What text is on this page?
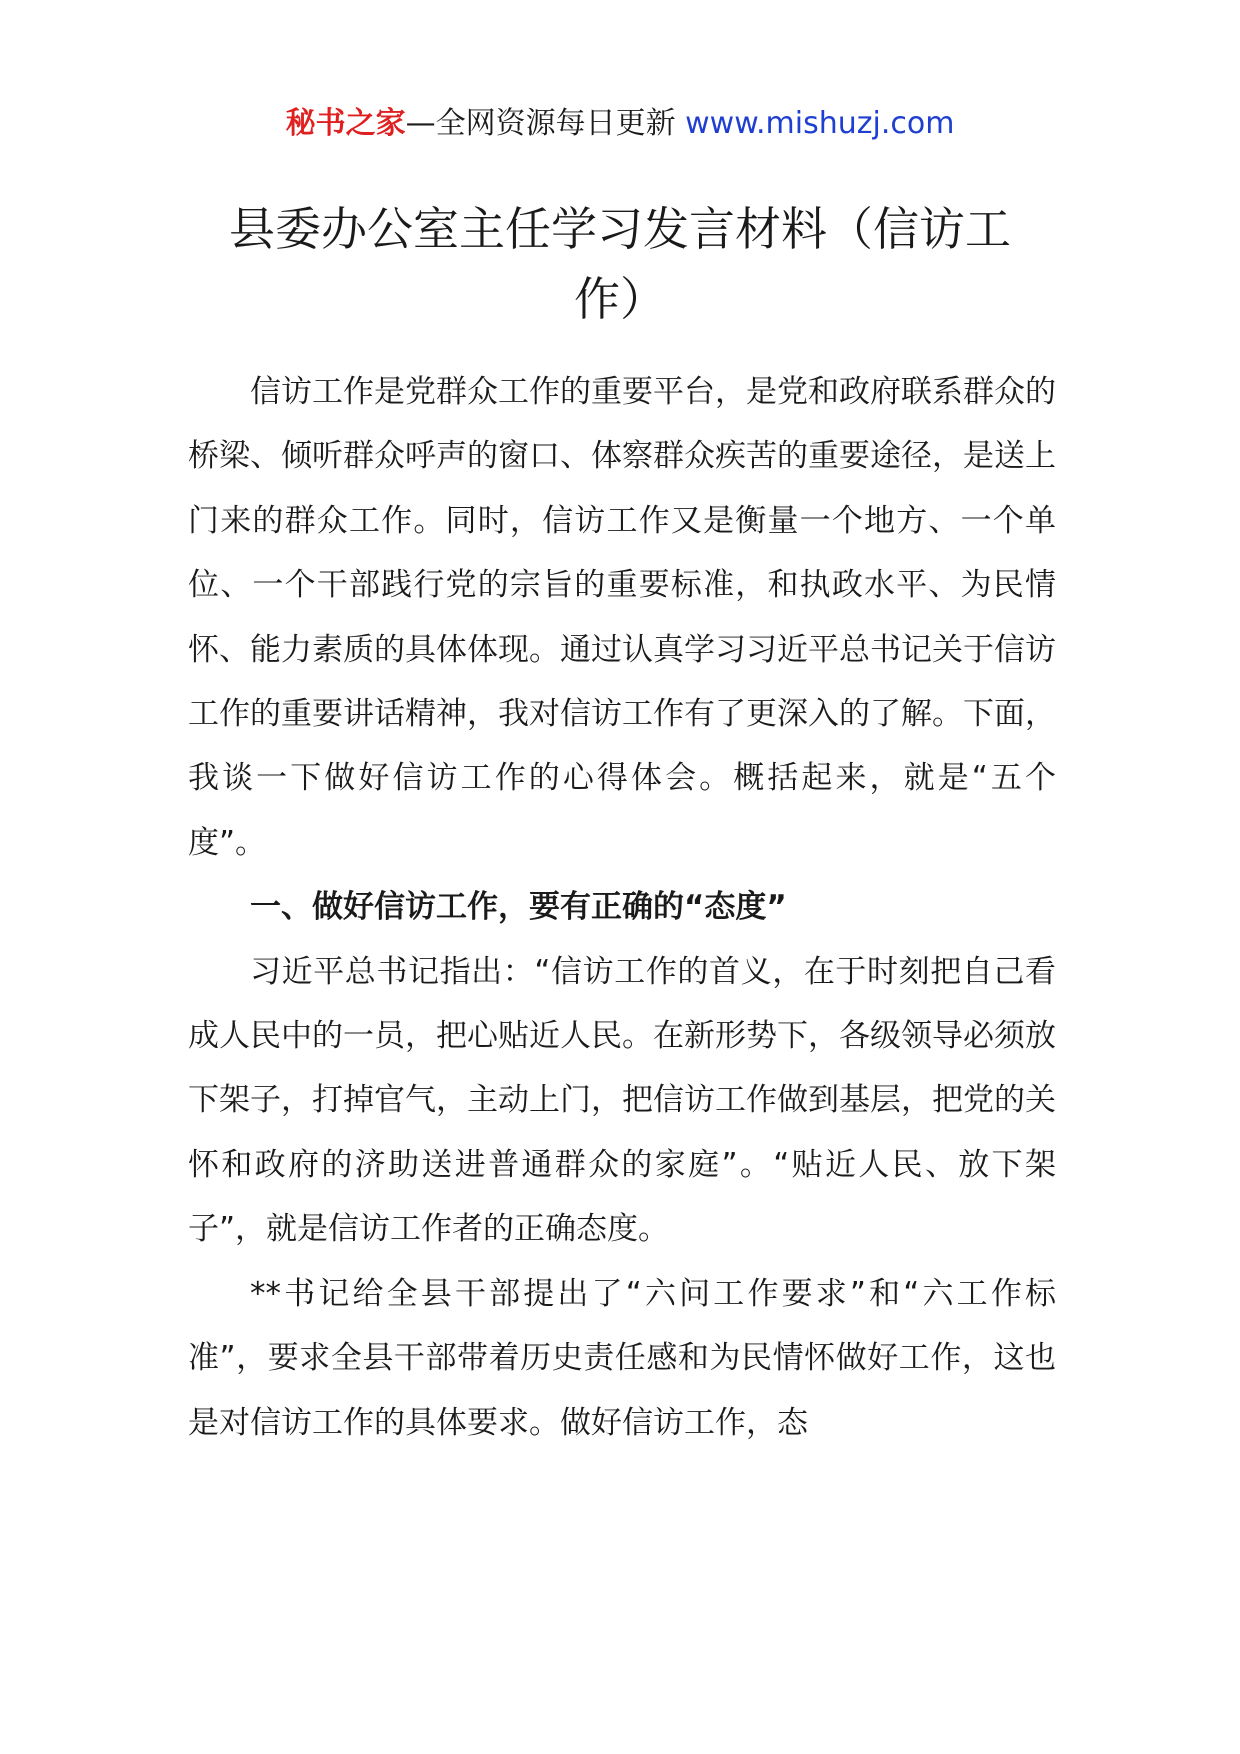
秘书之家—全网资源每日更新 www.mishuzj.com
县委办公室主任学习发言材料（信访工作）

信访工作是党群众工作的重要平台，是党和政府联系群众的桥梁、倾听群众呼声的窗口、体察群众疾苦的重要途径，是送上门来的群众工作。同时，信访工作又是衡量一个地方、一个单位、一个干部践行党的宗旨的重要标准，和执政水平、为民情怀、能力素质的具体体现。通过认真学习习近平总书记关于信访工作的重要讲话精神，我对信访工作有了更深入的了解。下面，我谈一下做好信访工作的心得体会。概括起来，就是“五个度”。

一、做好信访工作，要有正确的“态度”

习近平总书记指出：“信访工作的首义，在于时刻把自己看成人民中的一员，把心贴近人民。在新形势下，各级领导必须放下架子，打掉官气，主动上门，把信访工作做到基层，把党的关怀和政府的济助送进普通群众的家庭”。“贴近人民、放下架子”，就是信访工作者的正确态度。

**书记给全县干部提出了“六问工作要求”和“六工作标准”，要求全县干部带着历史责任感和为民情怀做好工作，这也是对信访工作的具体要求。做好信访工作，态
